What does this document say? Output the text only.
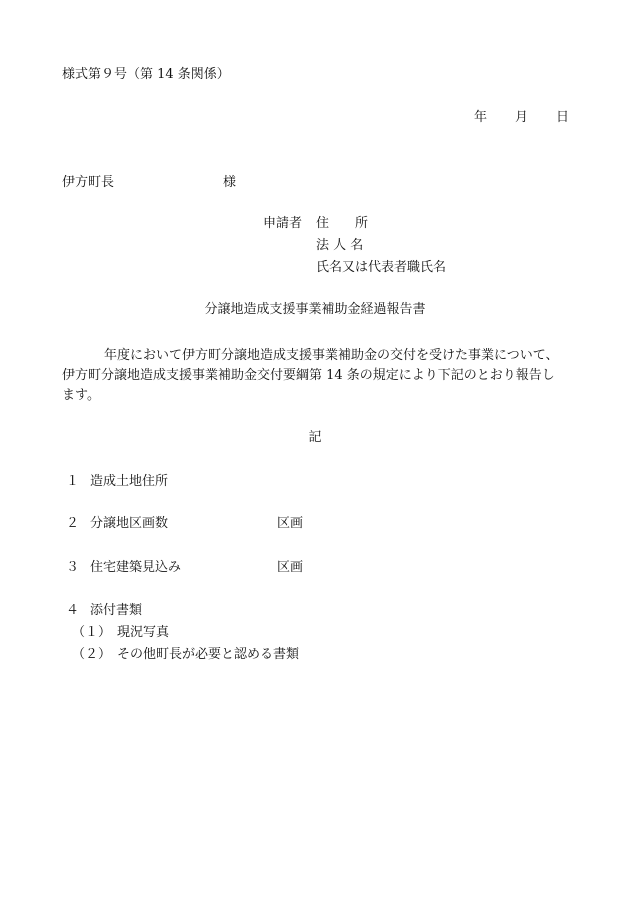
様式第９号（第 14 条関係）
年 月 日
伊方町長	様
申請者 住　　所
法 人 名
氏名又は代表者職氏名
分譲地造成支援事業補助金経過報告書
年度において伊方町分譲地造成支援事業補助金の交付を受けた事業について、
伊方町分譲地造成支援事業補助金交付要綱第 14 条の規定により下記のとおり報告し
ます。
記
１ 造成土地住所
２ 分譲地区画数	区画
３ 住宅建築見込み	区画
４ 添付書類
（１） 現況写真
（２） その他町長が必要と認める書類
